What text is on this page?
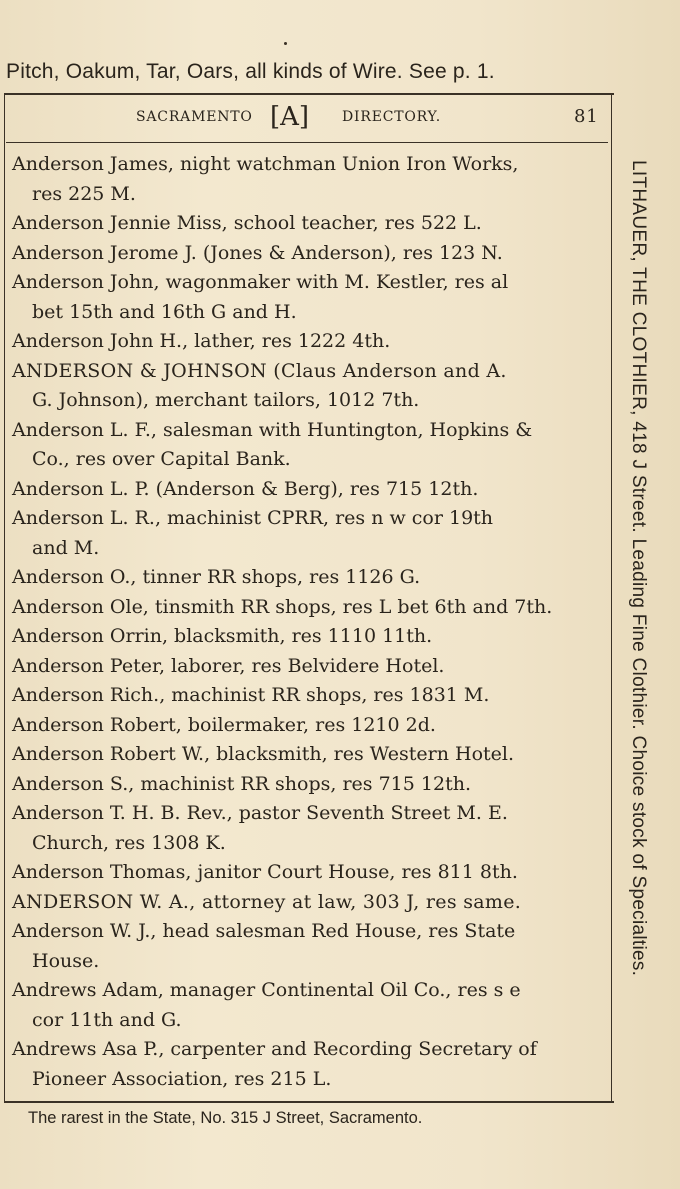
Pitch, Oakum, Tar, Oars, all kinds of Wire. See p. 1.
SACRAMENTO [A] DIRECTORY.	81
Anderson James, night watchman Union Iron Works,
res 225 M.
Anderson Jennie Miss, school teacher, res 522 L.
Anderson Jerome J. (Jones & Anderson), res 123 N.
Anderson John, wagonmaker with M. Kestler, res al
bet 15th and 16th G and H.
Anderson John H., lather, res 1222 4th.
ANDERSON & JOHNSON (Claus Anderson and A.
G. Johnson), merchant tailors, 1012 7th.
Anderson L. F., salesman with Huntington, Hopkins &
Co., res over Capital Bank.
Anderson L. P. (Anderson & Berg), res 715 12th.
Anderson L. R., machinist CPRR, res n w cor 19th
and M.
Anderson O., tinner RR shops, res 1126 G.
Anderson Ole, tinsmith RR shops, res L bet 6th and 7th.
Anderson Orrin, blacksmith, res 1110 11th.
Anderson Peter, laborer, res Belvidere Hotel.
Anderson Rich., machinist RR shops, res 1831 M.
Anderson Robert, boilermaker, res 1210 2d.
Anderson Robert W., blacksmith, res Western Hotel.
Anderson S., machinist RR shops, res 715 12th.
Anderson T. H. B. Rev., pastor Seventh Street M. E.
Church, res 1308 K.
Anderson Thomas, janitor Court House, res 811 8th.
ANDERSON W. A., attorney at law, 303 J, res same.
Anderson W. J., head salesman Red House, res State
House.
Andrews Adam, manager Continental Oil Co., res s e
cor 11th and G.
Andrews Asa P., carpenter and Recording Secretary of
Pioneer Association, res 215 L.
LITHAUER, THE CLOTHIER, 418 J Street. Leading Fine Clothier. Choice stock of Specialties.
The rarest in the State, No. 315 J Street, Sacramento.
